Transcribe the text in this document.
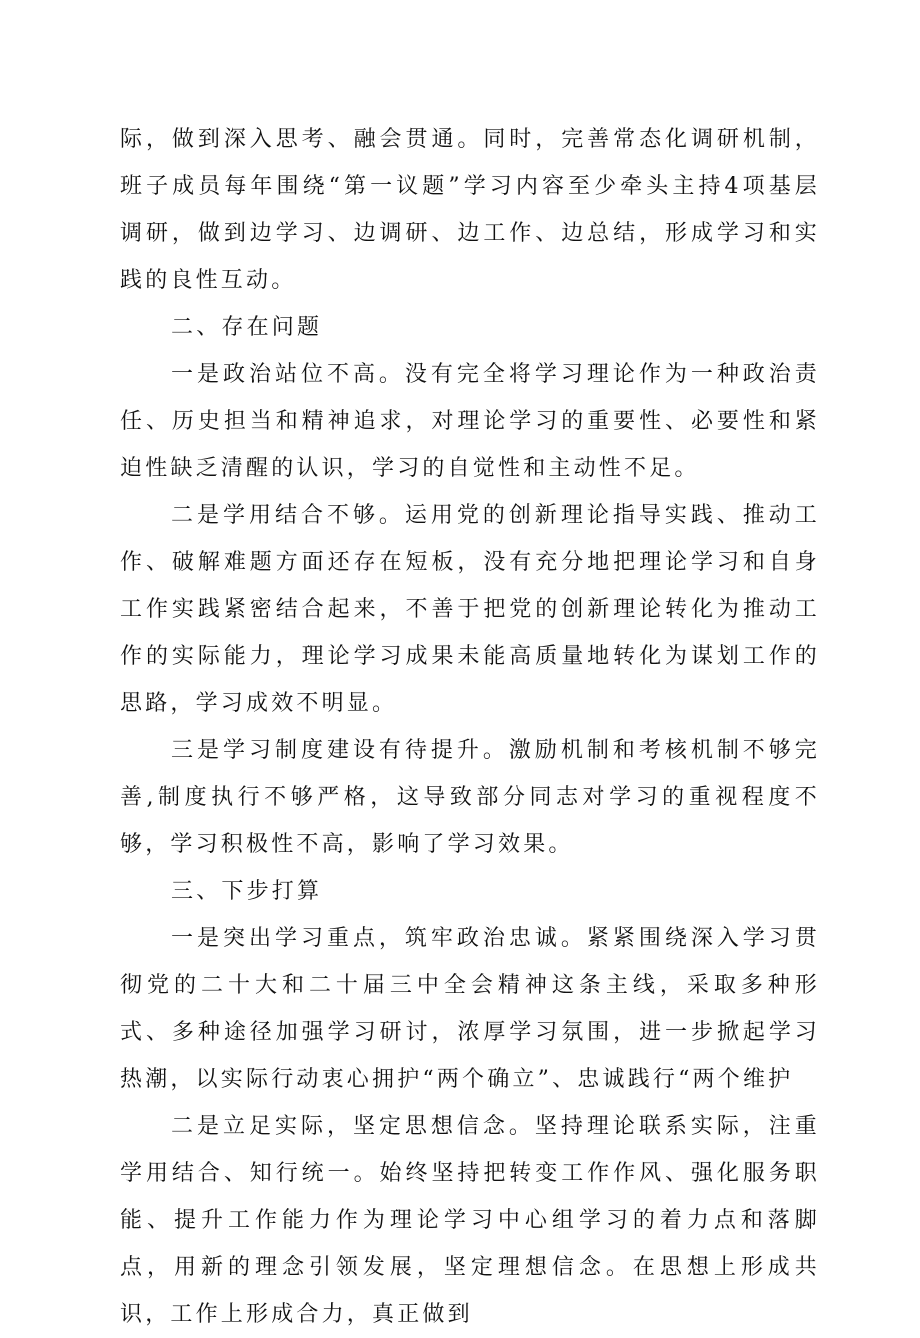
际，做到深入思考、融会贯通。同时，完善常态化调研机制，班子成员每年围绕“第一议题”学习内容至少牵头主持4项基层调研，做到边学习、边调研、边工作、边总结，形成学习和实践的良性互动。

二、存在问题

一是政治站位不高。没有完全将学习理论作为一种政治责任、历史担当和精神追求，对理论学习的重要性、必要性和紧迫性缺乏清醒的认识，学习的自觉性和主动性不足。

二是学用结合不够。运用党的创新理论指导实践、推动工作、破解难题方面还存在短板，没有充分地把理论学习和自身工作实践紧密结合起来，不善于把党的创新理论转化为推动工作的实际能力，理论学习成果未能高质量地转化为谋划工作的思路，学习成效不明显。

三是学习制度建设有待提升。激励机制和考核机制不够完善,制度执行不够严格，这导致部分同志对学习的重视程度不够，学习积极性不高，影响了学习效果。

三、下步打算

一是突出学习重点，筑牢政治忠诚。紧紧围绕深入学习贯彻党的二十大和二十届三中全会精神这条主线，采取多种形式、多种途径加强学习研讨，浓厚学习氛围，进一步掀起学习热潮，以实际行动衷心拥护“两个确立”、忠诚践行“两个维护

二是立足实际，坚定思想信念。坚持理论联系实际，注重学用结合、知行统一。始终坚持把转变工作作风、强化服务职能、提升工作能力作为理论学习中心组学习的着力点和落脚点，用新的理念引领发展，坚定理想信念。在思想上形成共识，工作上形成合力，真正做到
